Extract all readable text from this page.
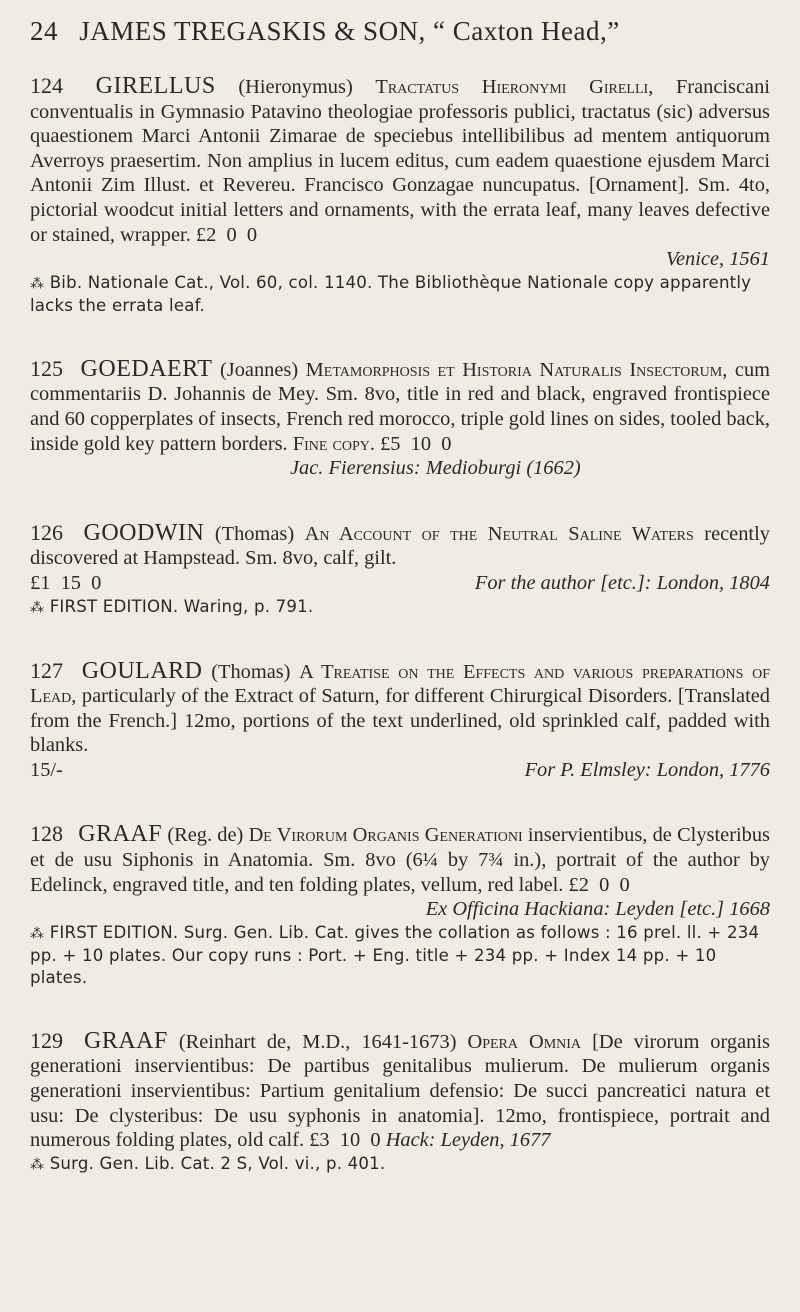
24 JAMES TREGASKIS & SON, “ Caxton Head,”

124 GIRELLUS (Hieronymus) Tractatus Hieronymi Girelli, Franciscani conventualis in Gymnasio Patavino theologiae professoris publici, tractatus (sic) adversus quaestionem Marci Antonii Zimarae de speciebus intellibilibus ad mentem antiquorum Averroys praesertim. Non amplius in lucem editus, cum eadem quaestione ejusdem Marci Antonii Zim Illust. et Revereu. Francisco Gonzagae nuncupatus. [Ornament]. Sm. 4to, pictorial woodcut initial letters and ornaments, with the errata leaf, many leaves defective or stained, wrapper. £2  0  0

Venice, 1561

⁂ Bib. Nationale Cat., Vol. 60, col. 1140. The Bibliothèque Nationale copy apparently lacks the errata leaf.

125 GOEDAERT (Joannes) Metamorphosis et Historia Naturalis Insectorum, cum commentariis D. Johannis de Mey. Sm. 8vo, title in red and black, engraved frontispiece and 60 copperplates of insects, French red morocco, triple gold lines on sides, tooled back, inside gold key pattern borders. Fine copy. £5  10  0

Jac. Fierensius: Medioburgi (1662)

126 GOODWIN (Thomas) An Account of the Neutral Saline Waters recently discovered at Hampstead. Sm. 8vo, calf, gilt.

£1  15  0	For the author [etc.]: London, 1804

⁂ FIRST EDITION. Waring, p. 791.

127 GOULARD (Thomas) A Treatise on the Effects and various preparations of Lead, particularly of the Extract of Saturn, for different Chirurgical Disorders. [Translated from the French.] 12mo, portions of the text underlined, old sprinkled calf, padded with blanks.

15/-	For P. Elmsley: London, 1776

128 GRAAF (Reg. de) De Virorum Organis Generationi inservientibus, de Clysteribus et de usu Siphonis in Anatomia. Sm. 8vo (6¼ by 7¾ in.), portrait of the author by Edelinck, engraved title, and ten folding plates, vellum, red label. £2  0  0

Ex Officina Hackiana: Leyden [etc.] 1668

⁂ FIRST EDITION. Surg. Gen. Lib. Cat. gives the collation as follows : 16 prel. ll. + 234 pp. + 10 plates. Our copy runs : Port. + Eng. title + 234 pp. + Index 14 pp. + 10 plates.

129 GRAAF (Reinhart de, M.D., 1641-1673) Opera Omnia [De virorum organis generationi inservientibus: De partibus genitalibus mulierum. De mulierum organis generationi inservientibus: Partium genitalium defensio: De succi pancreatici natura et usu: De clysteribus: De usu syphonis in anatomia]. 12mo, frontispiece, portrait and numerous folding plates, old calf. £3  10  0 Hack: Leyden, 1677

⁂ Surg. Gen. Lib. Cat. 2 S, Vol. vi., p. 401.
